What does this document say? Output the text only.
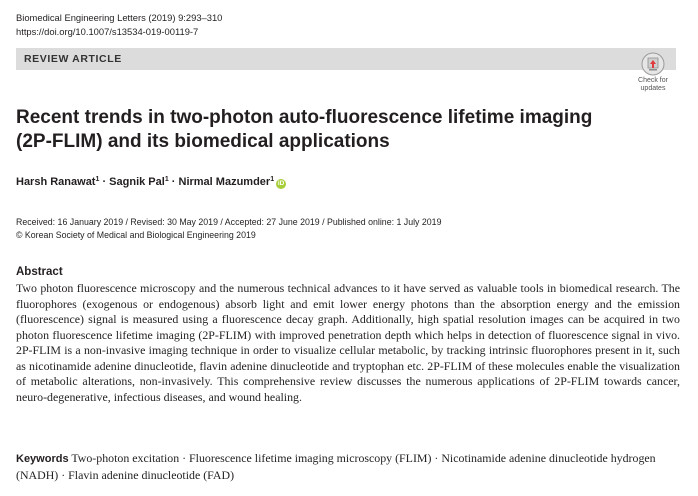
Biomedical Engineering Letters (2019) 9:293–310
https://doi.org/10.1007/s13534-019-00119-7
REVIEW ARTICLE
Check for
updates
Recent trends in two-photon auto-fluorescence lifetime imaging
(2P-FLIM) and its biomedical applications
Harsh Ranawat$^1$ · Sagnik Pal$^1$ · Nirmal Mazumder$^1$iD
Received: 16 January 2019 / Revised: 30 May 2019 / Accepted: 27 June 2019 / Published online: 1 July 2019
© Korean Society of Medical and Biological Engineering 2019
Abstract

Two photon fluorescence microscopy and the numerous technical advances to it have served as valuable tools in biomedical research. The fluorophores (exogenous or endogenous) absorb light and emit lower energy photons than the absorption energy and the emission (fluorescence) signal is measured using a fluorescence decay graph. Additionally, high spatial resolution images can be acquired in two photon fluorescence lifetime imaging (2P-FLIM) with improved penetration depth which helps in detection of fluorescence signal in vivo. 2P-FLIM is a non-invasive imaging technique in order to visualize cellular metabolic, by tracking intrinsic fluorophores present in it, such as nicotinamide adenine dinucleotide, flavin adenine dinucleotide and tryptophan etc. 2P-FLIM of these molecules enable the visualization of metabolic alterations, non-invasively. This comprehensive review discusses the numerous applications of 2P-FLIM towards cancer, neuro-degenerative, infectious diseases, and wound healing.

Keywords Two-photon excitation · Fluorescence lifetime imaging microscopy (FLIM) · Nicotinamide adenine dinucleotide hydrogen (NADH) · Flavin adenine dinucleotide (FAD)
